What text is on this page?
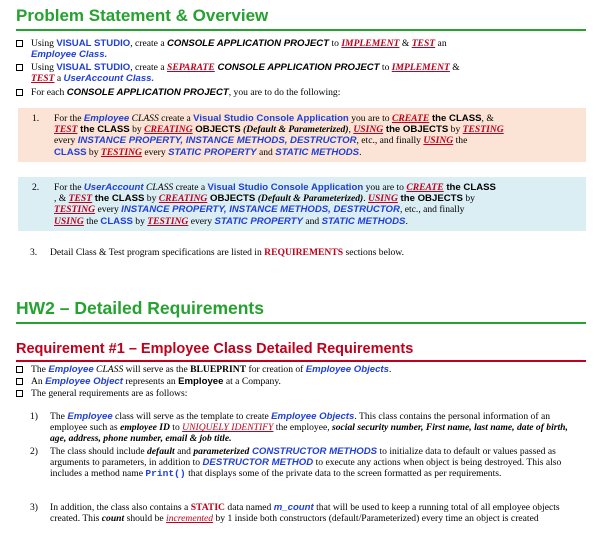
Problem Statement & Overview
Using VISUAL STUDIO, create a CONSOLE APPLICATION PROJECT to IMPLEMENT & TEST an
Employee Class.
Using VISUAL STUDIO, create a SEPARATE CONSOLE APPLICATION PROJECT to IMPLEMENT &
TEST a UserAccount Class.
For each CONSOLE APPLICATION PROJECT, you are to do the following:
1. For the Employee CLASS create a Visual Studio Console Application you are to CREATE the CLASS, &
TEST the CLASS by CREATING OBJECTS (Default & Parameterized), USING the OBJECTS by TESTING
every INSTANCE PROPERTY, INSTANCE METHODS, DESTRUCTOR, etc., and finally USING the
CLASS by TESTING every STATIC PROPERTY and STATIC METHODS.
2. For the UserAccount CLASS create a Visual Studio Console Application you are to CREATE the CLASS
, & TEST the CLASS by CREATING OBJECTS (Default & Parameterized). USING the OBJECTS by
TESTING every INSTANCE PROPERTY, INSTANCE METHODS, DESTRUCTOR, etc., and finally
USING the CLASS by TESTING every STATIC PROPERTY and STATIC METHODS.
3. Detail Class & Test program specifications are listed in REQUIREMENTS sections below.
HW2 – Detailed Requirements
Requirement #1 – Employee Class Detailed Requirements
The Employee CLASS will serve as the BLUEPRINT for creation of Employee Objects.
An Employee Object represents an Employee at a Company.
The general requirements are as follows:
1) The Employee class will serve as the template to create Employee Objects. This class contains the personal information of an employee such as employee ID to UNIQUELY IDENTIFY the employee, social security number, First name, last name, date of birth, age, address, phone number, email & job title.
2) The class should include default and parameterized CONSTRUCTOR METHODS to initialize data to default or values passed as arguments to parameters, in addition to DESTRUCTOR METHOD to execute any actions when object is being destroyed. This also includes a method name Print() that displays some of the private data to the screen formatted as per requirements.
3) In addition, the class also contains a STATIC data named m_count that will be used to keep a running total of all employee objects created. This count should be incremented by 1 inside both constructors (default/Parameterized) every time an object is created
